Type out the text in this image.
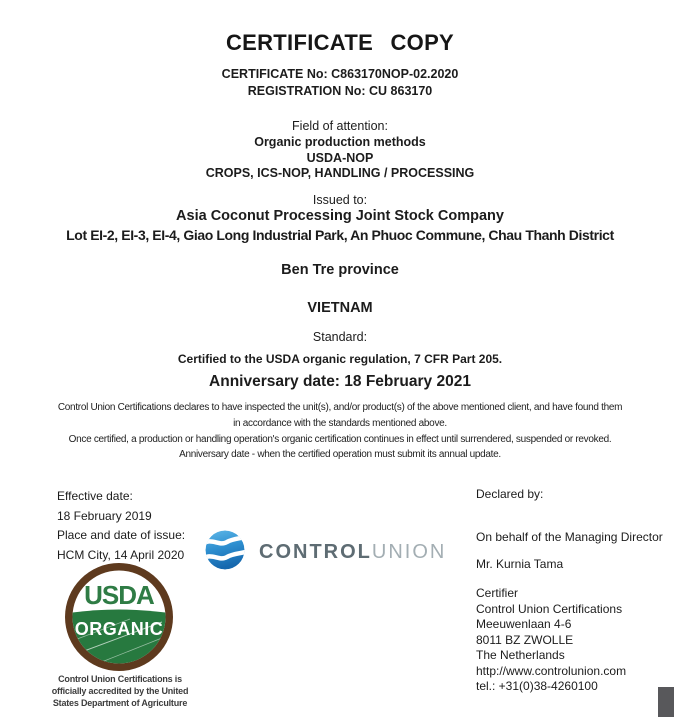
CERTIFICATE COPY
CERTIFICATE No: C863170NOP-02.2020
REGISTRATION No: CU 863170
Field of attention:
Organic production methods
USDA-NOP
CROPS, ICS-NOP, HANDLING / PROCESSING
Issued to:
Asia Coconut Processing Joint Stock Company
Lot EI-2, EI-3, EI-4, Giao Long Industrial Park, An Phuoc Commune, Chau Thanh District
Ben Tre province
VIETNAM
Standard:
Certified to the USDA organic regulation, 7 CFR Part 205.
Anniversary date: 18 February 2021
Control Union Certifications declares to have inspected the unit(s), and/or product(s) of the above mentioned client, and have found them
in accordance with the standards mentioned above.
Once certified, a production or handling operation's organic certification continues in effect until surrendered, suspended or revoked.
Anniversary date - when the certified operation must submit its annual update.
Effective date:
18 February 2019
Place and date of issue:
HCM City, 14 April 2020
Declared by:
On behalf of the Managing Director
Mr. Kurnia Tama
Certifier
Control Union Certifications
Meeuwenlaan 4-6
8011 BZ ZWOLLE
The Netherlands
http://www.controlunion.com
tel.: +31(0)38-4260100
CONTROLUNION
USDA
ORGANIC
Control Union Certifications is
officially accredited by the United
States Department of Agriculture
